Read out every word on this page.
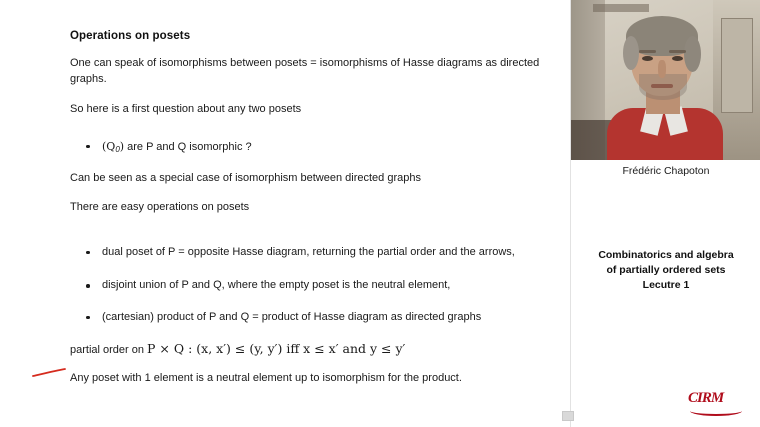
Operations on posets

One can speak of isomorphisms between posets = isomorphisms of Hasse diagrams as directed graphs.

So here is a first question about any two posets

$(Q_0)$ are P and Q isomorphic ?

Can be seen as a special case of isomorphism between directed graphs

There are easy operations on posets

dual poset of P = opposite Hasse diagram, returning the partial order and the arrows,
disjoint union of P and Q, where the empty poset is the neutral element,
(cartesian) product of P and Q = product of Hasse diagram as directed graphs
partial order on P × Q : (x, x′) ≤ (y, y′) iff x ≤ x′ and y ≤ y′

Any poset with 1 element is a neutral element up to isomorphism for the product.

Frédéric Chapoton
Combinatorics and algebra
of partially ordered sets
Lecutre 1
CIRM
